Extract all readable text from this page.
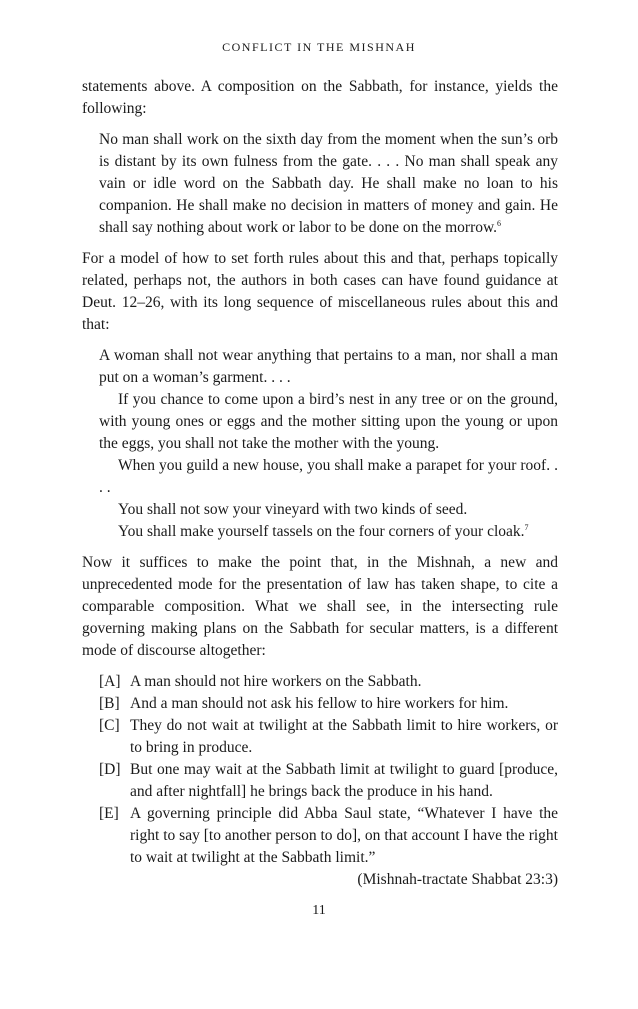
CONFLICT IN THE MISHNAH

statements above. A composition on the Sabbath, for instance, yields the following:

No man shall work on the sixth day from the moment when the sun’s orb is distant by its own fulness from the gate. . . . No man shall speak any vain or idle word on the Sabbath day. He shall make no loan to his companion. He shall make no decision in matters of money and gain. He shall say nothing about work or labor to be done on the morrow.$^6$

For a model of how to set forth rules about this and that, perhaps topically related, perhaps not, the authors in both cases can have found guidance at Deut. 12–26, with its long sequence of miscellaneous rules about this and that:

A woman shall not wear anything that pertains to a man, nor shall a man put on a woman’s garment. . . .

If you chance to come upon a bird’s nest in any tree or on the ground, with young ones or eggs and the mother sitting upon the young or upon the eggs, you shall not take the mother with the young.

When you guild a new house, you shall make a parapet for your roof. . . .

You shall not sow your vineyard with two kinds of seed.

You shall make yourself tassels on the four corners of your cloak.$^7$

Now it suffices to make the point that, in the Mishnah, a new and unprecedented mode for the presentation of law has taken shape, to cite a comparable composition. What we shall see, in the intersecting rule governing making plans on the Sabbath for secular matters, is a different mode of discourse altogether:

[A] A man should not hire workers on the Sabbath.
[B] And a man should not ask his fellow to hire workers for him.
[C] They do not wait at twilight at the Sabbath limit to hire workers, or to bring in produce.
[D] But one may wait at the Sabbath limit at twilight to guard [produce, and after nightfall] he brings back the produce in his hand.
[E] A governing principle did Abba Saul state, “Whatever I have the right to say [to another person to do], on that account I have the right to wait at twilight at the Sabbath limit.”

(Mishnah-tractate Shabbat 23:3)

11
